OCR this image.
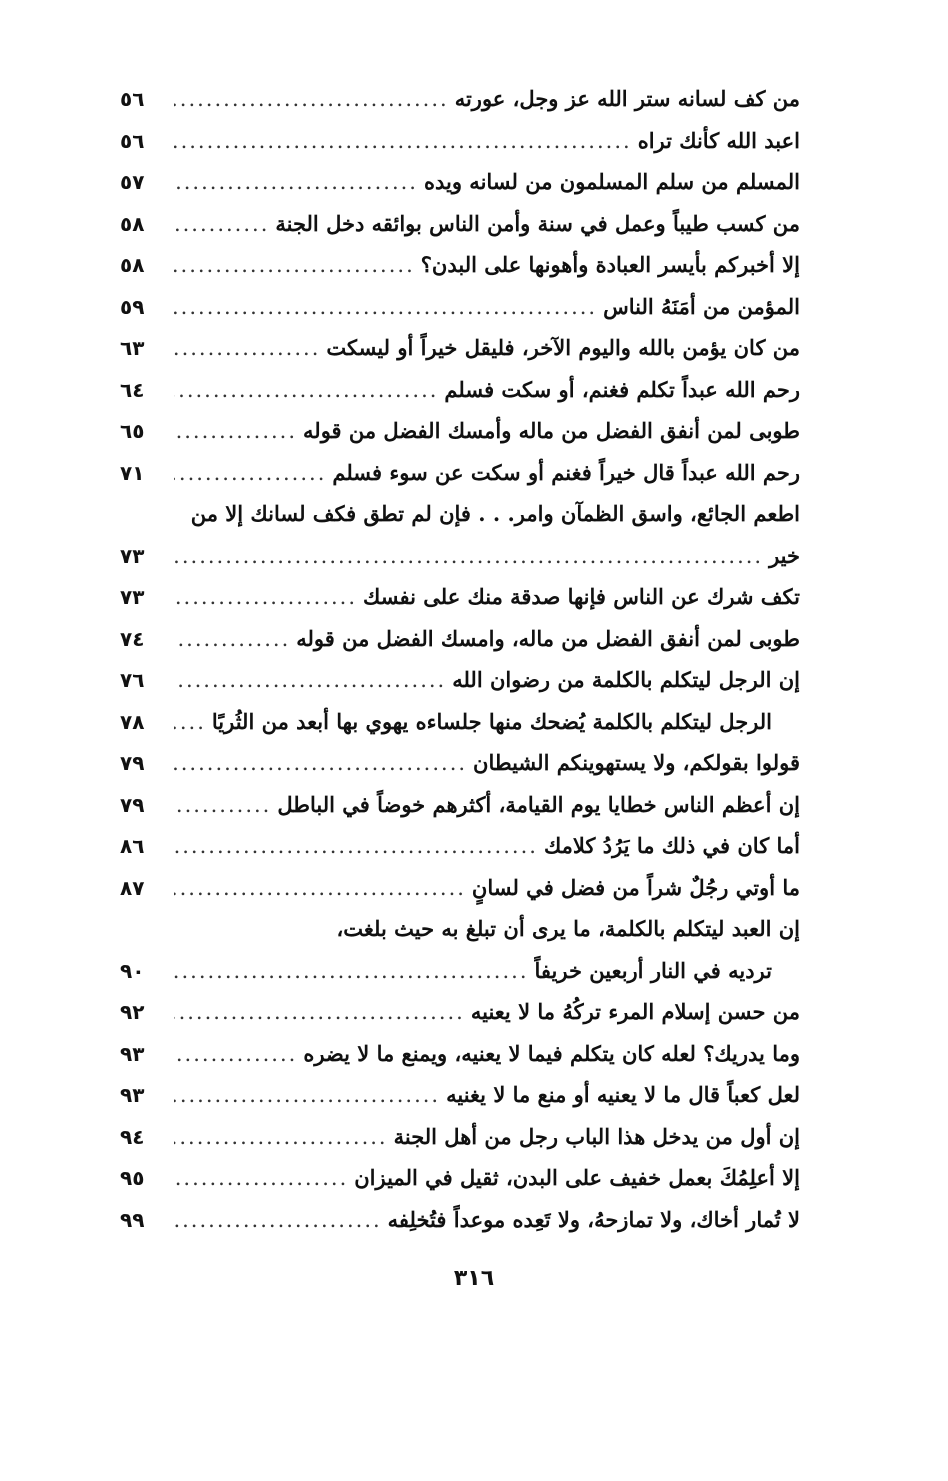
من كف لسانه ستر الله عز وجل، عورته
.....
٥٦
اعبد الله كأنك تراه
.....
٥٦
المسلم من سلم المسلمون من لسانه ويده
.....
٥٧
من كسب طيباً وعمل في سنة وأمن الناس بوائقه دخل الجنة
.....
٥٨
إلا أخبركم بأيسر العبادة وأهونها على البدن؟
.....
٥٨
المؤمن من أمَنَهُ الناس
.....
٥٩
من كان يؤمن بالله واليوم الآخر، فليقل خيراً أو ليسكت
.....
٦٣
رحم الله عبداً تكلم فغنم، أو سكت فسلم
.....
٦٤
طوبى لمن أنفق الفضل من ماله وأمسك الفضل من قوله
.....
٦٥
رحم الله عبداً قال خيراً فغنم أو سكت عن سوء فسلم
.....
٧١
اطعم الجائع، واسق الظمآن وامر. . . فإن لم تطق فكف لسانك إلا من
خير
.....
٧٣
تكف شرك عن الناس فإنها صدقة منك على نفسك
.....
٧٣
طوبى لمن أنفق الفضل من ماله، وامسك الفضل من قوله
.....
٧٤
إن الرجل ليتكلم بالكلمة من رضوان الله
.....
٧٦
الرجل ليتكلم بالكلمة يُضحك منها جلساءه يهوي بها أبعد من الثُريًا
.....
٧٨
قولوا بقولكم، ولا يستهوينكم الشيطان
.....
٧٩
إن أعظم الناس خطايا يوم القيامة، أكثرهم خوضاً في الباطل
.....
٧٩
أما كان في ذلك ما يَرُدُ كلامك
.....
٨٦
ما أوتي رجُلٌ شراً من فضل في لسانٍ
.....
٨٧
إن العبد ليتكلم بالكلمة، ما يرى أن تبلغ به حيث بلغت،
ترديه في النار أربعين خريفاً
.....
٩٠
من حسن إسلام المرء تركُهُ ما لا يعنيه
.....
٩٢
وما يدريك؟ لعله كان يتكلم فيما لا يعنيه، ويمنع ما لا يضره
.....
٩٣
لعل كعباً قال ما لا يعنيه أو منع ما لا يغنيه
.....
٩٣
إن أول من يدخل هذا الباب رجل من أهل الجنة
.....
٩٤
إلا أعلِمُكَ بعمل خفيف على البدن، ثقيل في الميزان
.....
٩٥
لا تُمار أخاك، ولا تمازحهُ، ولا تَعِده موعداً فتُخلِفه
.....
٩٩
٣١٦
